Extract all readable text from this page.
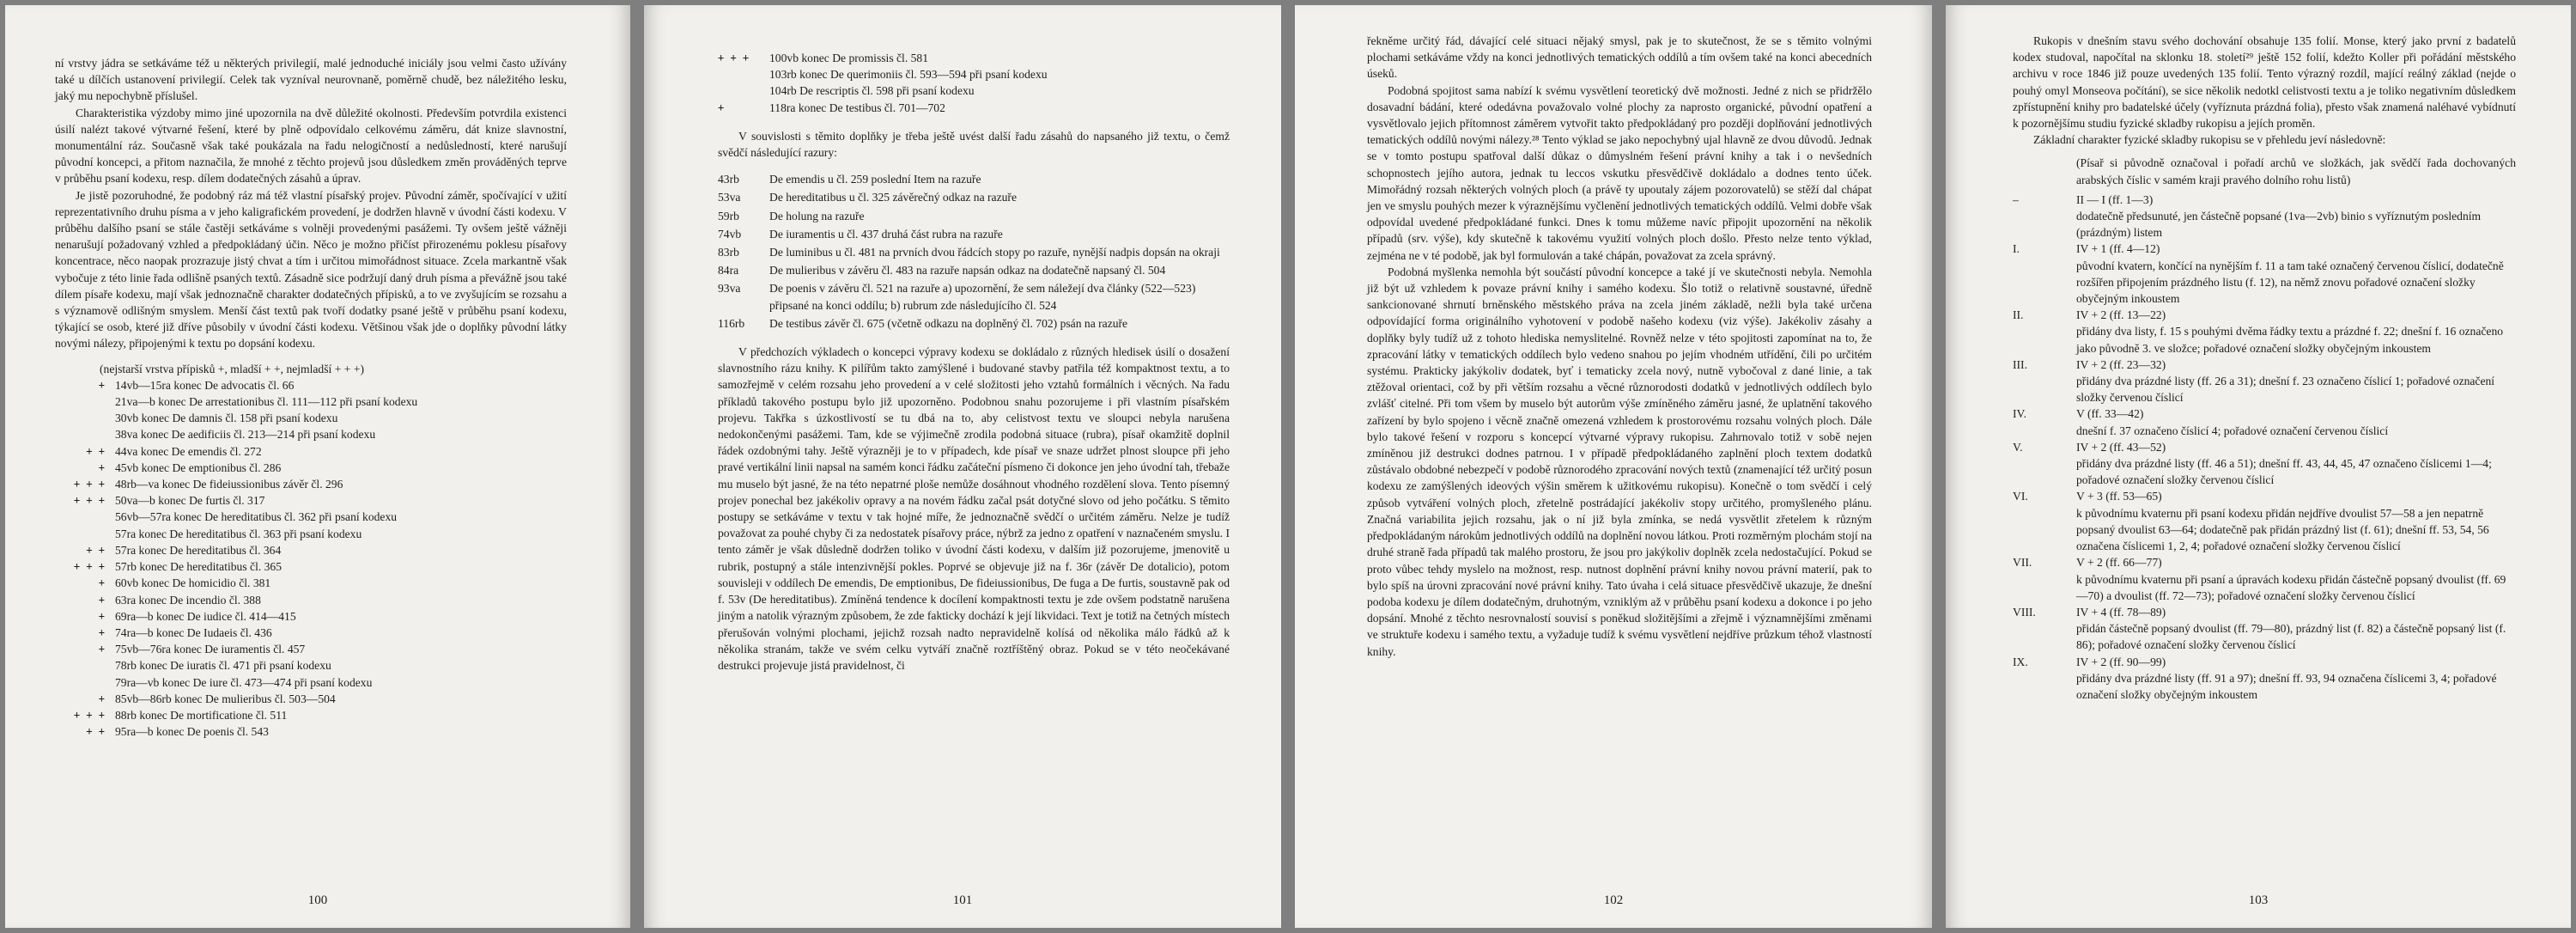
ní vrstvy jádra se setkáváme též u některých privilegií, malé jednoduché iniciály jsou velmi často užívány také u dílčích ustanovení privilegií. Celek tak vyzníval neurovnaně, poměrně chudě, bez náležitého lesku, jaký mu nepochybně příslušel.

Charakteristika výzdoby mimo jiné upozornila na dvě důležité okolnosti. Především potvrdila existenci úsilí nalézt takové výtvarné řešení, které by plně odpovídalo celkovému záměru, dát knize slavnostní, monumentální ráz. Současně však také poukázala na řadu nelogičností a nedůsledností, které narušují původní koncepci, a přitom naznačila, že mnohé z těchto projevů jsou důsledkem změn prováděných teprve v průběhu psaní kodexu, resp. dílem dodatečných zásahů a úprav.

Je jistě pozoruhodné, že podobný ráz má též vlastní písařský projev. Původní záměr, spočívající v užití reprezentativního druhu písma a v jeho kaligrafickém provedení, je dodržen hlavně v úvodní části kodexu. V průběhu dalšího psaní se stále častěji setkáváme s volněji provedenými pasážemi. Ty ovšem ještě vážněji nenarušují požadovaný vzhled a předpokládaný účin. Něco je možno přičíst přirozenému poklesu písařovy koncentrace, něco naopak prozrazuje jistý chvat a tím i určitou mimořádnost situace. Zcela markantně však vybočuje z této linie řada odlišně psaných textů. Zásadně sice podržují daný druh písma a převážně jsou také dílem písaře kodexu, mají však jednoznačně charakter dodatečných přípisků, a to ve zvyšujícím se rozsahu a s významově odlišným smyslem. Menší část textů pak tvoří dodatky psané ještě v průběhu psaní kodexu, týkající se osob, které již dříve působily v úvodní části kodexu. Většinou však jde o doplňky původní látky novými nálezy, připojenými k textu po dopsání kodexu.

(nejstarší vrstva přípisků +, mladší + +, nejmladší + + +)
+ 14vb—15ra konec De advocatis čl. 66
21va—b konec De arrestationibus čl. 111—112 při psaní kodexu
30vb konec De damnis čl. 158 při psaní kodexu
38va konec De aedificiis čl. 213—214 při psaní kodexu
+ + 44va konec De emendis čl. 272
+ 45vb konec De emptionibus čl. 286
+ + + 48rb—va konec De fideiussionibus závěr čl. 296
+ + + 50va—b konec De furtis čl. 317
56vb—57ra konec De hereditatibus čl. 362 při psaní kodexu
57ra konec De hereditatibus čl. 363 při psaní kodexu
+ + 57ra konec De hereditatibus čl. 364
+ + + 57rb konec De hereditatibus čl. 365
+ 60vb konec De homicidio čl. 381
+ 63ra konec De incendio čl. 388
+ 69ra—b konec De iudice čl. 414—415
+ 74ra—b konec De Iudaeis čl. 436
+ 75vb—76ra konec De iuramentis čl. 457
78rb konec De iuratis čl. 471 při psaní kodexu
79ra—vb konec De iure čl. 473—474 při psaní kodexu
+ 85vb—86rb konec De mulieribus čl. 503—504
+ + + 88rb konec De mortificatione čl. 511
+ + 95ra—b konec De poenis čl. 543
100
+ + +	100vb konec De promissis čl. 581
103rb konec De querimoniis čl. 593—594 při psaní kodexu
104rb De rescriptis čl. 598 při psaní kodexu
+	118ra konec De testibus čl. 701—702

V souvislosti s těmito doplňky je třeba ještě uvést další řadu zásahů do napsaného již textu, o čemž svědčí následující razury:

43rb	De emendis u čl. 259 poslední Item na razuře
53va	De hereditatibus u čl. 325 závěrečný odkaz na razuře
59rb	De holung na razuře
74vb	De iuramentis u čl. 437 druhá část rubra na razuře
83rb	De luminibus u čl. 481 na prvních dvou řádcích stopy po razuře, nynější nadpis dopsán na okraji
84ra	De mulieribus v závěru čl. 483 na razuře napsán odkaz na dodatečně napsaný čl. 504
93va	De poenis v závěru čl. 521 na razuře a) upozornění, že sem náležejí dva články (522—523) připsané na konci oddílu; b) rubrum zde následujícího čl. 524
116rb	De testibus závěr čl. 675 (včetně odkazu na doplněný čl. 702) psán na razuře

V předchozích výkladech o koncepci výpravy kodexu se dokládalo z různých hledisek úsilí o dosažení slavnostního rázu knihy. K pilířům takto zamýšlené i budované stavby patřila též kompaktnost textu, a to samozřejmě v celém rozsahu jeho provedení a v celé složitosti jeho vztahů formálních i věcných. Na řadu příkladů takového postupu bylo již upozorněno. Podobnou snahu pozorujeme i při vlastním písařském projevu. Takřka s úzkostlivostí se tu dbá na to, aby celistvost textu ve sloupci nebyla narušena nedokončenými pasážemi. Tam, kde se výjimečně zrodila podobná situace (rubra), písař okamžitě doplnil řádek ozdobnými tahy. Ještě výrazněji je to v případech, kde písař ve snaze udržet plnost sloupce při jeho pravé vertikální linii napsal na samém konci řádku začáteční písmeno či dokonce jen jeho úvodní tah, třebaže mu muselo být jasné, že na této nepatrné ploše nemůže dosáhnout vhodného rozdělení slova. Tento písemný projev ponechal bez jakékoliv opravy a na novém řádku začal psát dotyčné slovo od jeho počátku. S těmito postupy se setkáváme v textu v tak hojné míře, že jednoznačně svědčí o určitém záměru. Nelze je tudíž považovat za pouhé chyby či za nedostatek písařovy práce, nýbrž za jedno z opatření v naznačeném smyslu. I tento záměr je však důsledně dodržen toliko v úvodní části kodexu, v dalším již pozorujeme, jmenovitě u rubrik, postupný a stále intenzivnější pokles. Poprvé se objevuje již na f. 36r (závěr De dotalicio), potom souvisleji v oddílech De emendis, De emptionibus, De fideiussionibus, De fuga a De furtis, soustavně pak od f. 53v (De hereditatibus). Zmíněná tendence k docílení kompaktnosti textu je zde ovšem podstatně narušena jiným a natolik výrazným způsobem, že zde fakticky dochází k její likvidaci. Text je totiž na četných místech přerušován volnými plochami, jejichž rozsah nadto nepravidelně kolísá od několika málo řádků až k několika stranám, takže ve svém celku vytváří značně roztříštěný obraz. Pokud se v této neočekávané destrukci projevuje jistá pravidelnost, či

101

řekněme určitý řád, dávající celé situaci nějaký smysl, pak je to skutečnost, že se s těmito volnými plochami setkáváme vždy na konci jednotlivých tematických oddílů a tím ovšem také na konci abecedních úseků.

Podobná spojitost sama nabízí k svému vysvětlení teoretický dvě možnosti. Jedné z nich se přidržělo dosavadní bádání, které odedávna považovalo volné plochy za naprosto organické, původní opatření a vysvětlovalo jejich přítomnost záměrem vytvořit takto předpokládaný pro později doplňování jednotlivých tematických oddílů novými nálezy.²⁸ Tento výklad se jako nepochybný ujal hlavně ze dvou důvodů. Jednak se v tomto postupu spatřoval další důkaz o důmyslném řešení právní knihy a tak i o nevšedních schopnostech jejího autora, jednak tu leccos vskutku přesvědčivě dokládalo a dodnes tento úček. Mimořádný rozsah některých volných ploch (a právě ty upoutaly zájem pozorovatelů) se stěží dal chápat jen ve smyslu pouhých mezer k výraznějšímu vyčlenění jednotlivých tematických oddílů. Velmi dobře však odpovídal uvedené předpokládané funkci. Dnes k tomu můžeme navíc připojit upozornění na několik případů (srv. výše), kdy skutečně k takovému využití volných ploch došlo. Přesto nelze tento výklad, zejména ne v té podobě, jak byl formulován a také chápán, považovat za zcela správný.

Podobná myšlenka nemohla být součástí původní koncepce a také jí ve skutečnosti nebyla. Nemohla již být už vzhledem k povaze právní knihy i samého kodexu. Šlo totiž o relativně soustavné, úředně sankcionované shrnutí brněnského městského práva na zcela jiném základě, nežli byla také určena odpovídající forma originálního vyhotovení v podobě našeho kodexu (viz výše). Jakékoliv zásahy a doplňky byly tudíž už z tohoto hlediska nemyslitelné. Rovněž nelze v této spojitosti zapomínat na to, že zpracování látky v tematických oddílech bylo vedeno snahou po jejím vhodném utřídění, čili po určitém systému. Prakticky jakýkoliv dodatek, byť i tematicky zcela nový, nutně vybočoval z dané linie, a tak ztěžoval orientaci, což by při větším rozsahu a věcné různorodosti dodatků v jednotlivých oddílech bylo zvlášť citelné. Při tom všem by muselo být autorům výše zmíněného záměru jasné, že uplatnění takového zařízení by bylo spojeno i věcně značně omezená vzhledem k prostorovému rozsahu volných ploch. Dále bylo takové řešení v rozporu s koncepcí výtvarné výpravy rukopisu. Zahrnovalo totiž v sobě nejen zmíněnou již destrukci dodnes patrnou. I v případě předpokládaného zaplnění ploch textem dodatků zůstávalo obdobné nebezpečí v podobě různorodého zpracování nových textů (znamenající též určitý posun kodexu ze zamýšlených ideových výšin směrem k užitkovému rukopisu). Konečně o tom svědčí i celý způsob vytváření volných ploch, zřetelně postrádající jakékoliv stopy určitého, promyšleného plánu. Značná variabilita jejich rozsahu, jak o ní již byla zmínka, se nedá vysvětlit zřetelem k různým předpokládaným nárokům jednotlivých oddílů na doplnění novou látkou. Proti rozměrným plochám stojí na druhé straně řada případů tak malého prostoru, že jsou pro jakýkoliv doplněk zcela nedostačující. Pokud se proto vůbec tehdy myslelo na možnost, resp. nutnost doplnění právní knihy novou právní materií, pak to bylo spíš na úrovni zpracování nové právní knihy. Tato úvaha i celá situace přesvědčivě ukazuje, že dnešní podoba kodexu je dílem dodatečným, druhotným, vzniklým až v průběhu psaní kodexu a dokonce i po jeho dopsání. Mnohé z těchto nesrovnalostí souvisí s poněkud složitějšími a zřejmě i významnějšími změnami ve struktuře kodexu i samého textu, a vyžaduje tudíž k svému vysvětlení nejdříve průzkum téhož vlastností knihy.

102

Rukopis v dnešním stavu svého dochování obsahuje 135 folií. Monse, který jako první z badatelů kodex studoval, napočítal na sklonku 18. století²⁹ ještě 152 folií, kdežto Koller při pořádání městského archivu v roce 1846 již pouze uvedených 135 folií. Tento výrazný rozdíl, mající reálný základ (nejde o pouhý omyl Monseova počítání), se sice několik nedotkl celistvosti textu a je toliko negativním důsledkem zpřístupnění knihy pro badatelské účely (vyříznuta prázdná folia), přesto však znamená naléhavé vybídnutí k pozornějšímu studiu fyzické skladby rukopisu a jejích proměn.

Základní charakter fyzické skladby rukopisu se v přehledu jeví následovně:

(Písař si původně označoval i pořadí archů ve složkách, jak svědčí řada dochovaných arabských číslic v samém kraji pravého dolního rohu listů)

–	II — I (ff. 1—3)
dodatečně předsunuté, jen částečně popsané (1va—2vb) binio s vyříznutým posledním (prázdným) listem
I.	IV + 1 (ff. 4—12)
původní kvatern, končící na nynějším f. 11 a tam také označený červenou číslicí, dodatečně rozšířen připojením prázdného listu (f. 12), na němž znovu pořadové označení složky obyčejným inkoustem
II.	IV + 2 (ff. 13—22)
přidány dva listy, f. 15 s pouhými dvěma řádky textu a prázdné f. 22; dnešní f. 16 označeno jako původně 3. ve složce; pořadové označení složky obyčejným inkoustem
III.	IV + 2 (ff. 23—32)
přidány dva prázdné listy (ff. 26 a 31); dnešní f. 23 označeno číslicí 1; pořadové označení složky červenou číslicí
IV.	V (ff. 33—42)
dnešní f. 37 označeno číslicí 4; pořadové označení červenou číslicí
V.	IV + 2 (ff. 43—52)
přidány dva prázdné listy (ff. 46 a 51); dnešní ff. 43, 44, 45, 47 označeno číslicemi 1—4; pořadové označení složky červenou číslicí
VI.	V + 3 (ff. 53—65)
k původnímu kvaternu při psaní kodexu přidán nejdříve dvoulist 57—58 a jen nepatrně popsaný dvoulist 63—64; dodatečně pak přidán prázdný list (f. 61); dnešní ff. 53, 54, 56 označena číslicemi 1, 2, 4; pořadové označení složky červenou číslicí
VII.	V + 2 (ff. 66—77)
k původnímu kvaternu při psaní a úpravách kodexu přidán částečně popsaný dvoulist (ff. 69—70) a dvoulist (ff. 72—73); pořadové označení složky červenou číslicí
VIII.	IV + 4 (ff. 78—89)
přidán částečně popsaný dvoulist (ff. 79—80), prázdný list (f. 82) a částečně popsaný list (f. 86); pořadové označení složky červenou číslicí
IX.	IV + 2 (ff. 90—99)
přidány dva prázdné listy (ff. 91 a 97); dnešní ff. 93, 94 označena číslicemi 3, 4; pořadové označení složky obyčejným inkoustem
103
